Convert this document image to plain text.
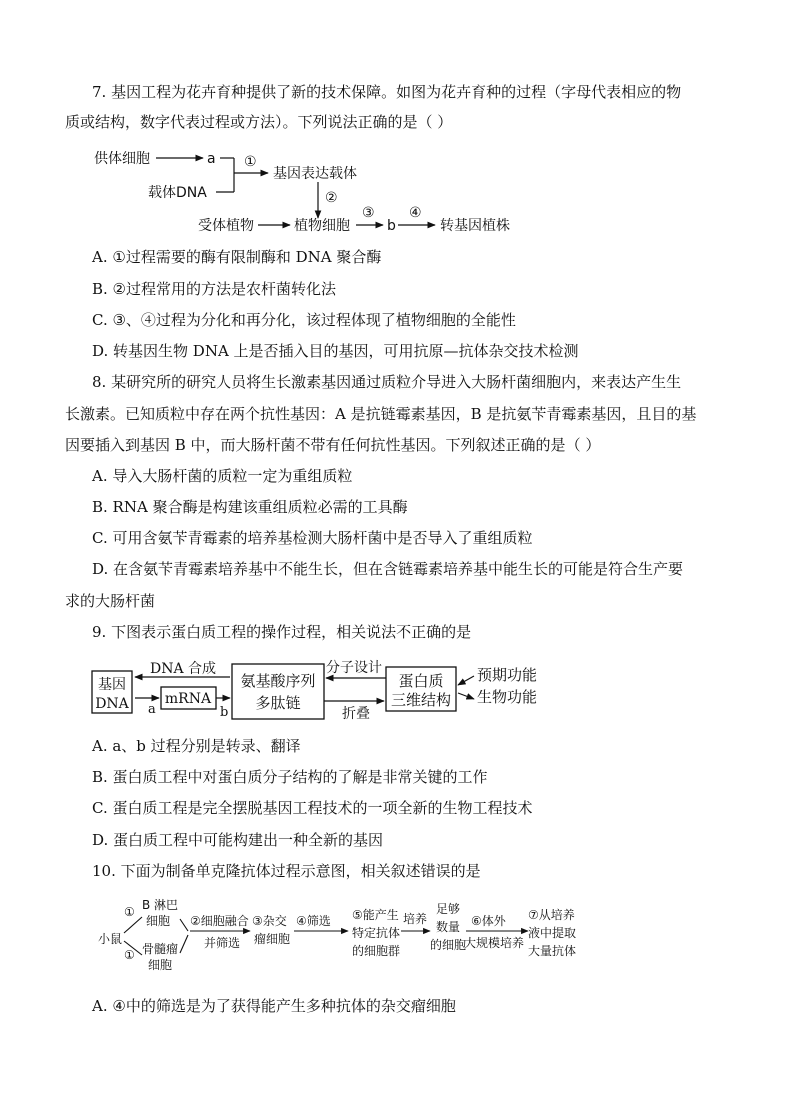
7. 基因工程为花卉育种提供了新的技术保障。如图为花卉育种的过程（字母代表相应的物
质或结构，数字代表过程或方法）。下列说法正确的是（ ）
供体细胞	a
载体DNA
①
基因表达载体
②
受体植物	植物细胞
③
b
④
转基因植株
A. ①过程需要的酶有限制酶和 DNA 聚合酶
B. ②过程常用的方法是农杆菌转化法
C. ③、④过程为分化和再分化，该过程体现了植物细胞的全能性
D. 转基因生物 DNA 上是否插入目的基因，可用抗原—抗体杂交技术检测
8. 某研究所的研究人员将生长激素基因通过质粒介导进入大肠杆菌细胞内，来表达产生生
长激素。已知质粒中存在两个抗性基因：A 是抗链霉素基因，B 是抗氨苄青霉素基因，且目的基
因要插入到基因 B 中，而大肠杆菌不带有任何抗性基因。下列叙述正确的是（ ）
A. 导入大肠杆菌的质粒一定为重组质粒
B. RNA 聚合酶是构建该重组质粒必需的工具酶
C. 可用含氨苄青霉素的培养基检测大肠杆菌中是否导入了重组质粒
D. 在含氨苄青霉素培养基中不能生长，但在含链霉素培养基中能生长的可能是符合生产要
求的大肠杆菌
9. 下图表示蛋白质工程的操作过程，相关说法不正确的是
基因
DNA
DNA 合成
a
mRNA
b
氨基酸序列
多肽链
分子设计
折叠
蛋白质
三维结构
预期功能
生物功能
A. a、b 过程分别是转录、翻译
B. 蛋白质工程中对蛋白质分子结构的了解是非常关键的工作
C. 蛋白质工程是完全摆脱基因工程技术的一项全新的生物工程技术
D. 蛋白质工程中可能构建出一种全新的基因
10. 下面为制备单克隆抗体过程示意图，相关叙述错误的是
小鼠
① B 淋巴
细胞
① 骨髓瘤
细胞
②细胞融合
并筛选
③杂交
瘤细胞
④筛选 ⑤能产生
特定抗体
的细胞群
培养
足够
数量
的细胞
⑥体外
大规模培养
⑦从培养
液中提取
大量抗体
A. ④中的筛选是为了获得能产生多种抗体的杂交瘤细胞
